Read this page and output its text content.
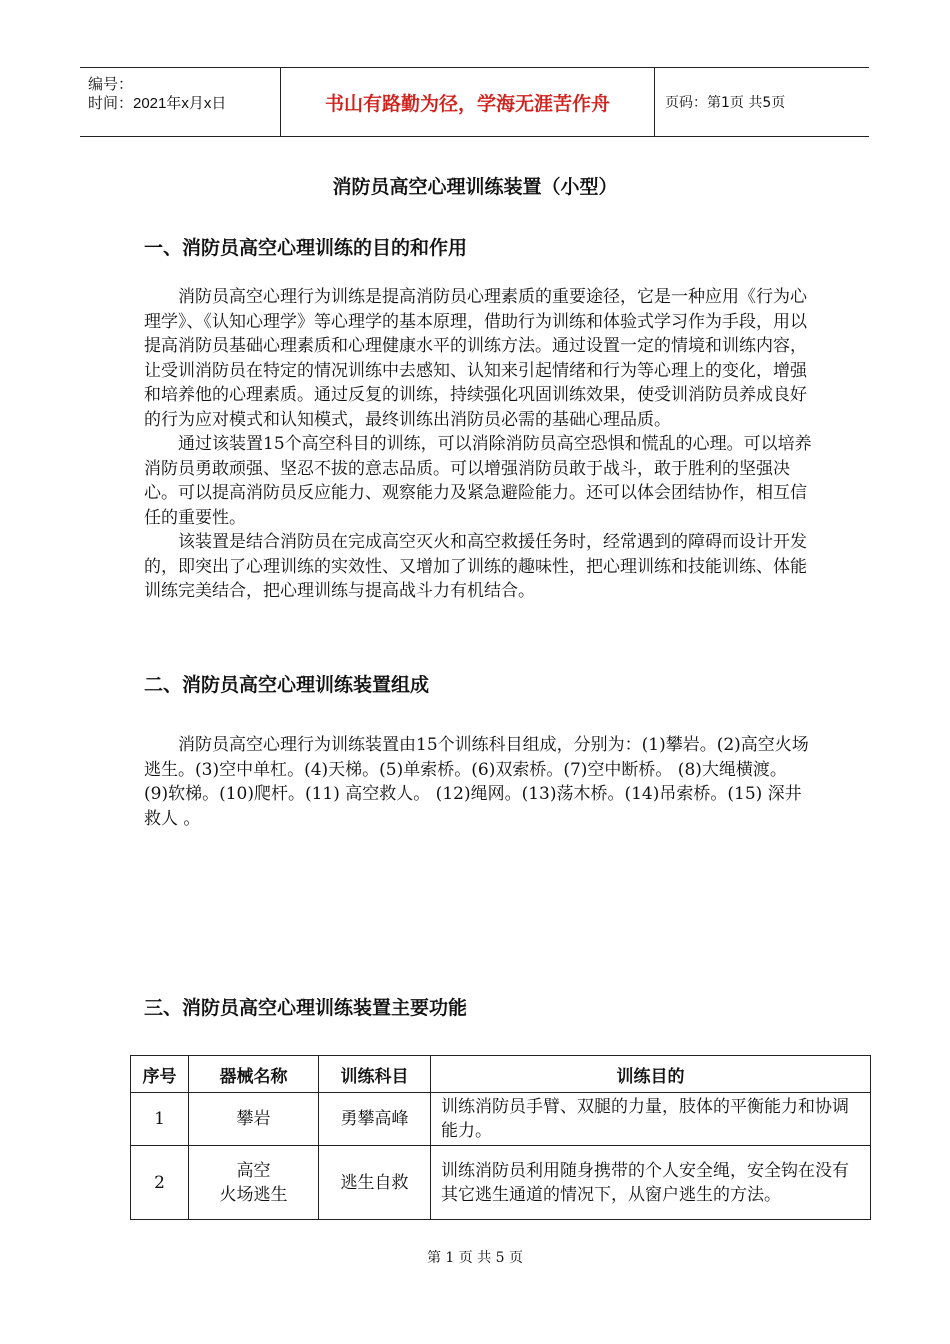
编号：
时间：2021年x月x日	书山有路勤为径，学海无涯苦作舟	页码：第1页 共5页
消防员高空心理训练装置（小型）
一、消防员高空心理训练的目的和作用

消防员高空心理行为训练是提高消防员心理素质的重要途径，它是一种应用《行为心理学》、《认知心理学》等心理学的基本原理，借助行为训练和体验式学习作为手段，用以提高消防员基础心理素质和心理健康水平的训练方法。通过设置一定的情境和训练内容，让受训消防员在特定的情况训练中去感知、认知来引起情绪和行为等心理上的变化，增强和培养他的心理素质。通过反复的训练，持续强化巩固训练效果，使受训消防员养成良好的行为应对模式和认知模式，最终训练出消防员必需的基础心理品质。

通过该装置15个高空科目的训练，可以消除消防员高空恐惧和慌乱的心理。可以培养消防员勇敢顽强、坚忍不拔的意志品质。可以增强消防员敢于战斗，敢于胜利的坚强决心。可以提高消防员反应能力、观察能力及紧急避险能力。还可以体会团结协作，相互信任的重要性。

该装置是结合消防员在完成高空灭火和高空救援任务时，经常遇到的障碍而设计开发的，即突出了心理训练的实效性、又增加了训练的趣味性，把心理训练和技能训练、体能训练完美结合，把心理训练与提高战斗力有机结合。

二、消防员高空心理训练装置组成

消防员高空心理行为训练装置由15个训练科目组成，分别为：(1)攀岩。(2)高空火场逃生。(3)空中单杠。(4)天梯。(5)单索桥。(6)双索桥。(7)空中断桥。 (8)大绳横渡。 (9)软梯。(10)爬杆。(11) 高空救人。 (12)绳网。(13)荡木桥。(14)吊索桥。(15) 深井救人 。

三、消防员高空心理训练装置主要功能
序号	器械名称	训练科目	训练目的
1	攀岩	勇攀高峰	训练消防员手臂、双腿的力量，肢体的平衡能力和协调能力。
2	高空
火场逃生	逃生自救	训练消防员利用随身携带的个人安全绳，安全钩在没有其它逃生通道的情况下，从窗户逃生的方法。
第 1 页 共 5 页
